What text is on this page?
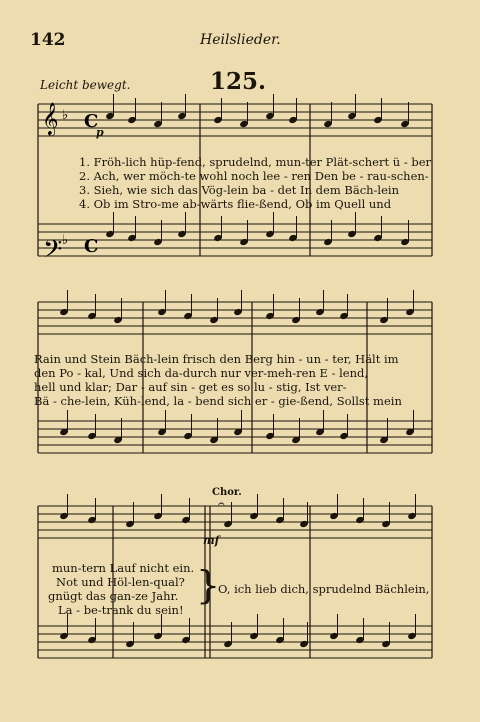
142	Heilslieder.
125.
Leicht bewegt.
p
mf
Chor.
1. Fröh-lich hüp-fend, sprudelnd, mun-ter Plät-schert ü - ber
2. Ach, wer möch-te wohl noch lee - ren Den be - rau-schen-
3. Sieh, wie sich das Vög-lein ba - det In dem Bäch-lein
4. Ob im Stro-me ab-wärts flie-ßend, Ob im Quell und
Rain und Stein Bäch-lein frisch den Berg hin - un - ter, Hält im
den Po - kal, Und sich da-durch nur ver-meh-ren E - lend,
hell und klar; Dar - auf sin - get es so lu - stig, Ist ver-
Bä - che-lein, Küh-lend, la - bend sich er - gie-ßend, Sollst mein
mun-tern Lauf nicht ein.
Not und Höl-len-qual?
gnügt das gan-ze Jahr.
La - be-trank du sein!
}
O, ich lieb dich, sprudelnd Bächlein,
𝄞
𝄢
♭
♭
C
C
𝄐
